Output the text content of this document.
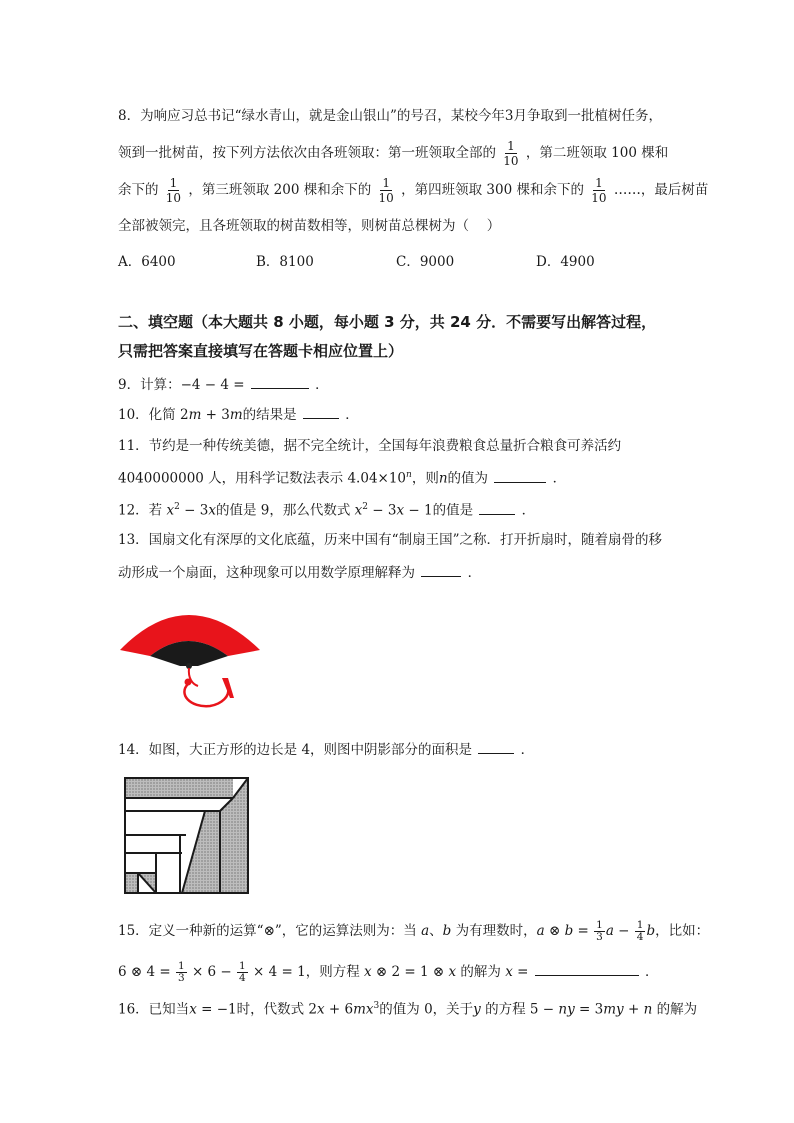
8．为响应习总书记“绿水青山，就是金山银山”的号召，某校今年3月争取到一批植树任务，
领到一批树苗，按下列方法依次由各班领取：第一班领取全部的 $\frac{1}{10}$ ，第二班领取 100 棵和
余下的 $\frac{1}{10}$ ，第三班领取 200 棵和余下的 $\frac{1}{10}$ ，第四班领取 300 棵和余下的 $\frac{1}{10}$ ……，最后树苗
全部被领完，且各班领取的树苗数相等，则树苗总棵树为（　 ）
A．6400	B．8100	C．9000	D．4900
二、填空题（本大题共 8 小题，每小题 3 分，共 24 分．不需要写出解答过程，
只需把答案直接填写在答题卡相应位置上）
9．计算：−4 − 4 =	．
10．化简 2m + 3m的结果是	．
11．节约是一种传统美德，据不完全统计，全国每年浪费粮食总量折合粮食可养活约
4040000000 人，用科学记数法表示 $4.04\times 10^n$，则n的值为	．
12．若 $x^2 - 3x$的值是 9，那么代数式 $x^2 - 3x - 1$的值是	．
13．国扇文化有深厚的文化底蕴，历来中国有“制扇王国”之称．打开折扇时，随着扇骨的移
动形成一个扇面，这种现象可以用数学原理解释为	．
14．如图，大正方形的边长是 4，则图中阴影部分的面积是	．
15．定义一种新的运算“⊗”，它的运算法则为：当 a、b 为有理数时，a ⊗ $b = \frac{1}{3}$ $a - \frac{1}{4}$ b，比如：
6 ⊗ $4 = \frac{1}{3} \times 6 - \frac{1}{4} \times 4 = 1$，则方程 x ⊗ 2 = 1 ⊗ x 的解为 x =	．
16．已知当x = −1时，代数式 $2x + 6mx^3$的值为 0，关于y 的方程 5 − ny = 3my + n 的解为
